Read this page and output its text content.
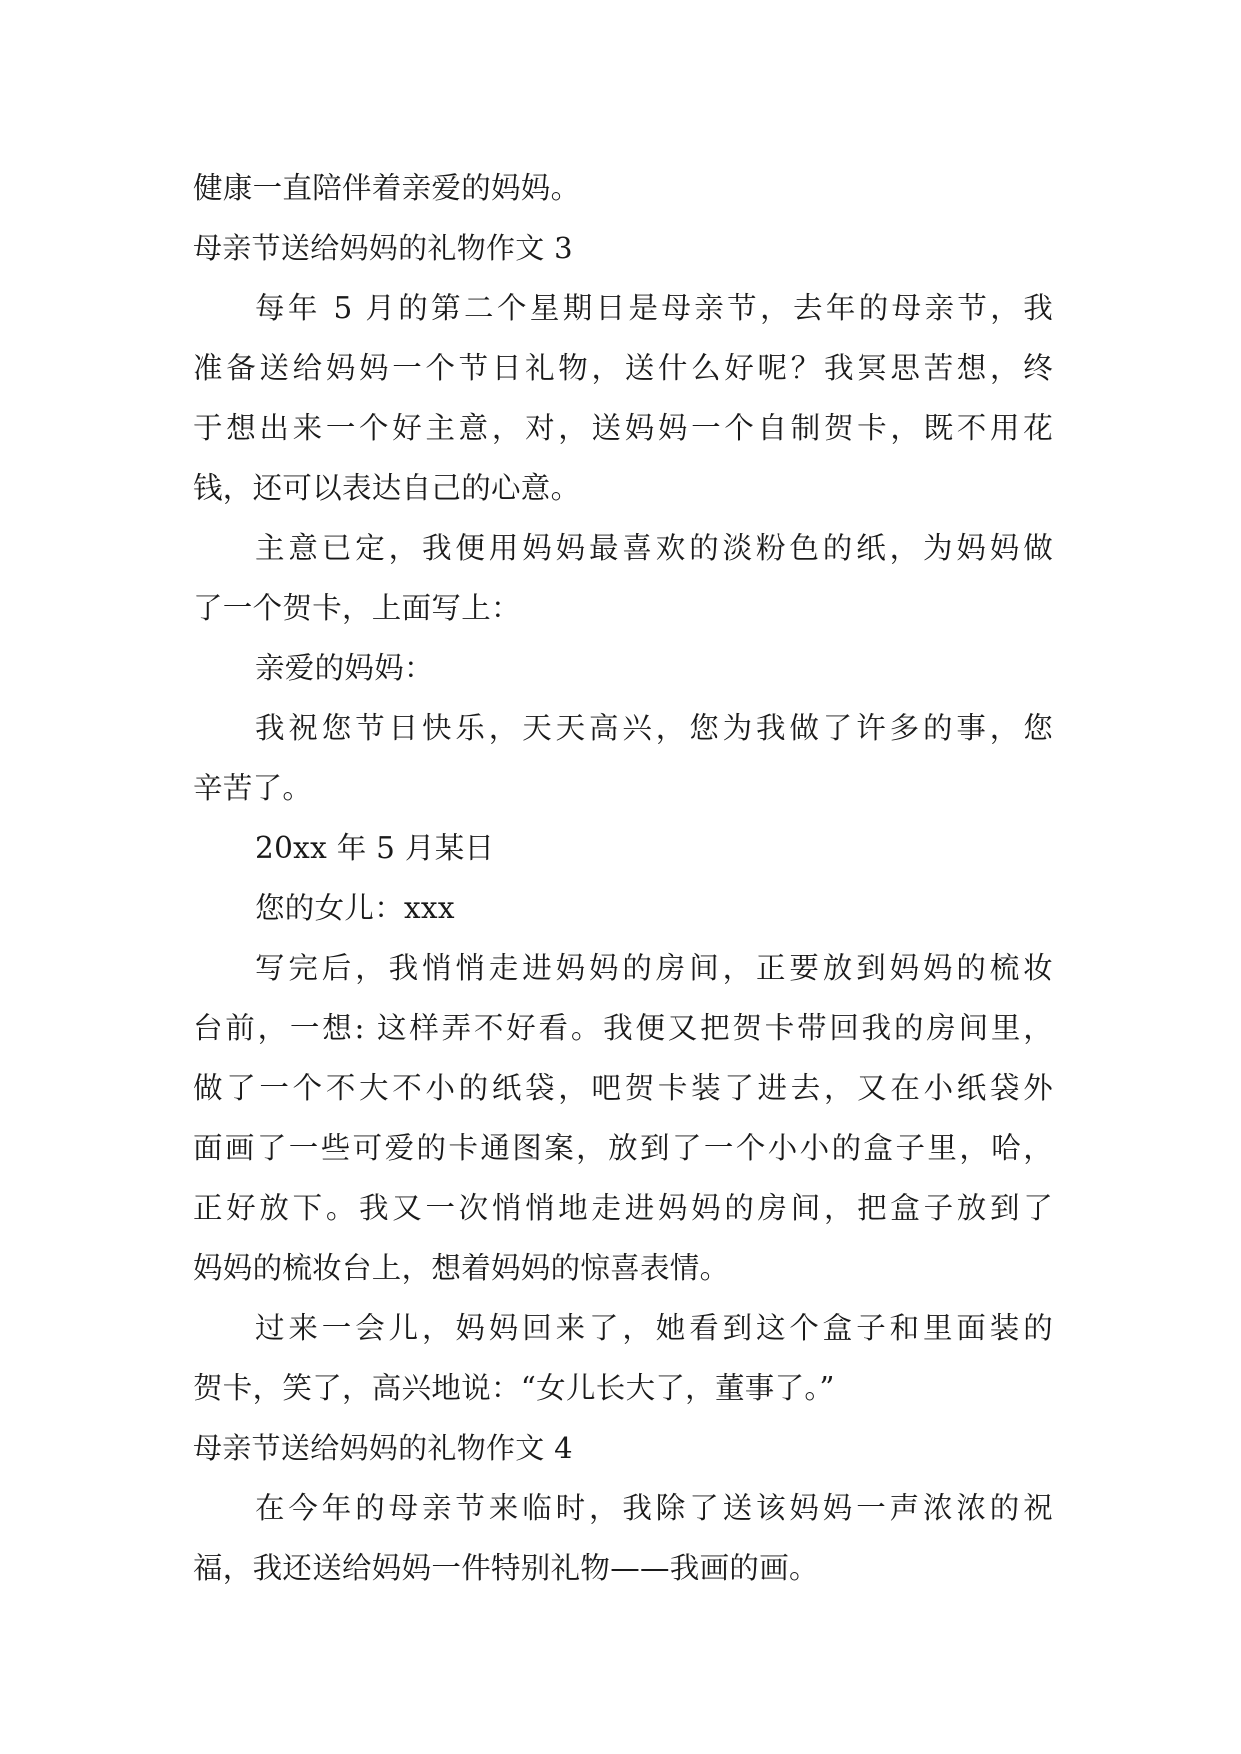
健康一直陪伴着亲爱的妈妈。
母亲节送给妈妈的礼物作文 3
每年 5 月的第二个星期日是母亲节，去年的母亲节，我
准备送给妈妈一个节日礼物，送什么好呢？我冥思苦想，终
于想出来一个好主意，对，送妈妈一个自制贺卡，既不用花
钱，还可以表达自己的心意。
主意已定，我便用妈妈最喜欢的淡粉色的纸，为妈妈做
了一个贺卡，上面写上：
亲爱的妈妈：
我祝您节日快乐，天天高兴，您为我做了许多的事，您
辛苦了。
20xx 年 5 月某日
您的女儿：xxx
写完后，我悄悄走进妈妈的房间，正要放到妈妈的梳妆
台前，一想: 这样弄不好看。我便又把贺卡带回我的房间里，
做了一个不大不小的纸袋，吧贺卡装了进去，又在小纸袋外
面画了一些可爱的卡通图案，放到了一个小小的盒子里，哈，
正好放下。我又一次悄悄地走进妈妈的房间，把盒子放到了
妈妈的梳妆台上，想着妈妈的惊喜表情。
过来一会儿，妈妈回来了，她看到这个盒子和里面装的
贺卡，笑了，高兴地说：“女儿长大了，董事了。”
母亲节送给妈妈的礼物作文 4
在今年的母亲节来临时，我除了送该妈妈一声浓浓的祝
福，我还送给妈妈一件特别礼物——我画的画。
